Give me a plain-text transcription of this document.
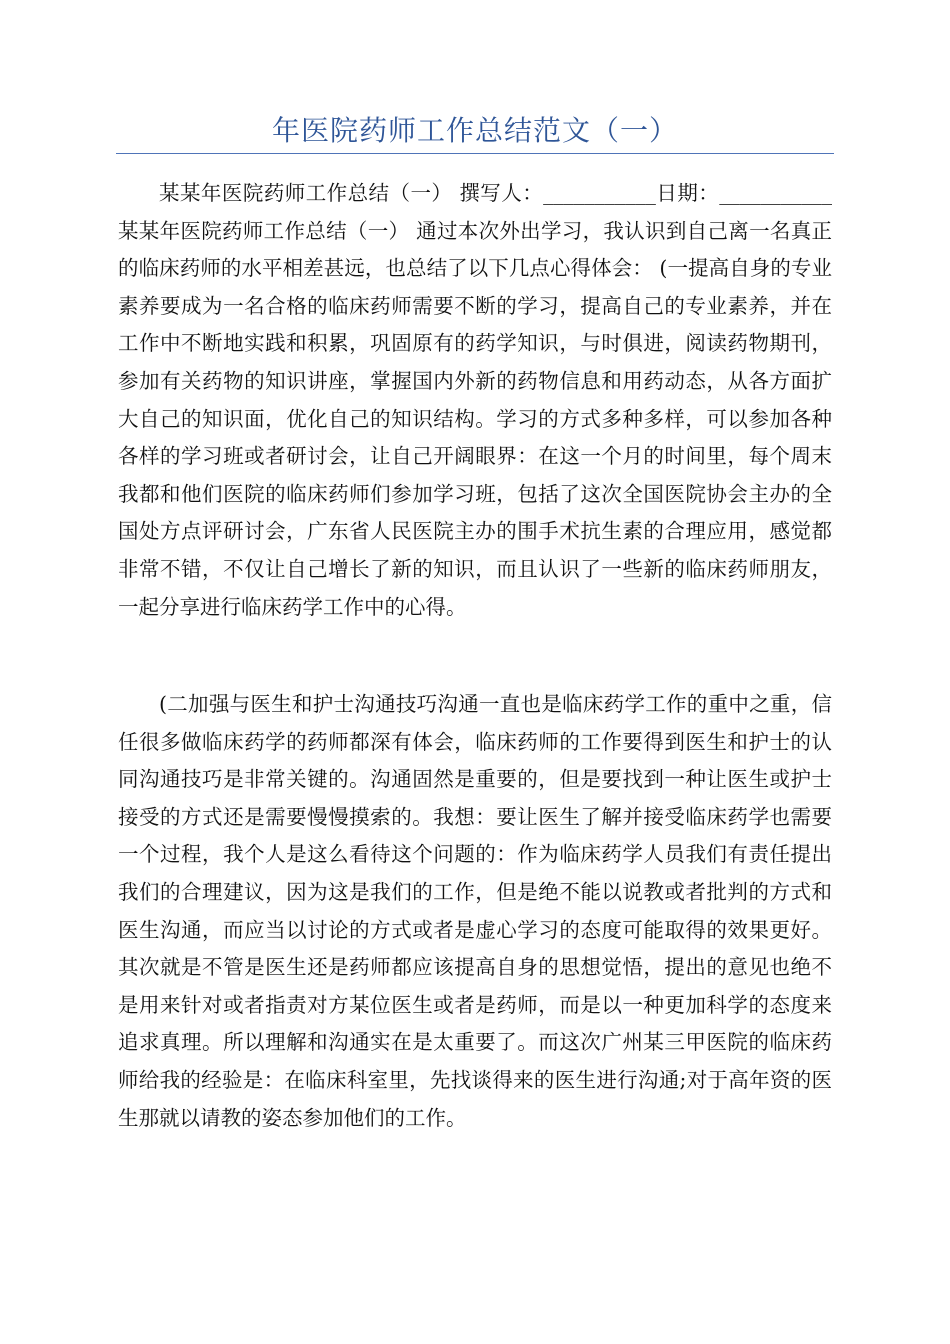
年医院药师工作总结范文（一）

某某年医院药师工作总结（一） 撰写人：___________日期：___________某某年医院药师工作总结（一） 通过本次外出学习，我认识到自己离一名真正的临床药师的水平相差甚远，也总结了以下几点心得体会： (一提高自身的专业素养要成为一名合格的临床药师需要不断的学习，提高自己的专业素养，并在工作中不断地实践和积累，巩固原有的药学知识，与时俱进，阅读药物期刊，参加有关药物的知识讲座，掌握国内外新的药物信息和用药动态，从各方面扩大自己的知识面，优化自己的知识结构。学习的方式多种多样，可以参加各种各样的学习班或者研讨会，让自己开阔眼界：在这一个月的时间里，每个周末我都和他们医院的临床药师们参加学习班，包括了这次全国医院协会主办的全国处方点评研讨会，广东省人民医院主办的围手术抗生素的合理应用，感觉都非常不错，不仅让自己增长了新的知识，而且认识了一些新的临床药师朋友，一起分享进行临床药学工作中的心得。

(二加强与医生和护士沟通技巧沟通一直也是临床药学工作的重中之重，信任很多做临床药学的药师都深有体会，临床药师的工作要得到医生和护士的认同沟通技巧是非常关键的。沟通固然是重要的，但是要找到一种让医生或护士接受的方式还是需要慢慢摸索的。我想：要让医生了解并接受临床药学也需要一个过程，我个人是这么看待这个问题的：作为临床药学人员我们有责任提出我们的合理建议，因为这是我们的工作，但是绝不能以说教或者批判的方式和医生沟通，而应当以讨论的方式或者是虚心学习的态度可能取得的效果更好。其次就是不管是医生还是药师都应该提高自身的思想觉悟，提出的意见也绝不是用来针对或者指责对方某位医生或者是药师，而是以一种更加科学的态度来追求真理。所以理解和沟通实在是太重要了。而这次广州某三甲医院的临床药师给我的经验是：在临床科室里，先找谈得来的医生进行沟通;对于高年资的医生那就以请教的姿态参加他们的工作。
